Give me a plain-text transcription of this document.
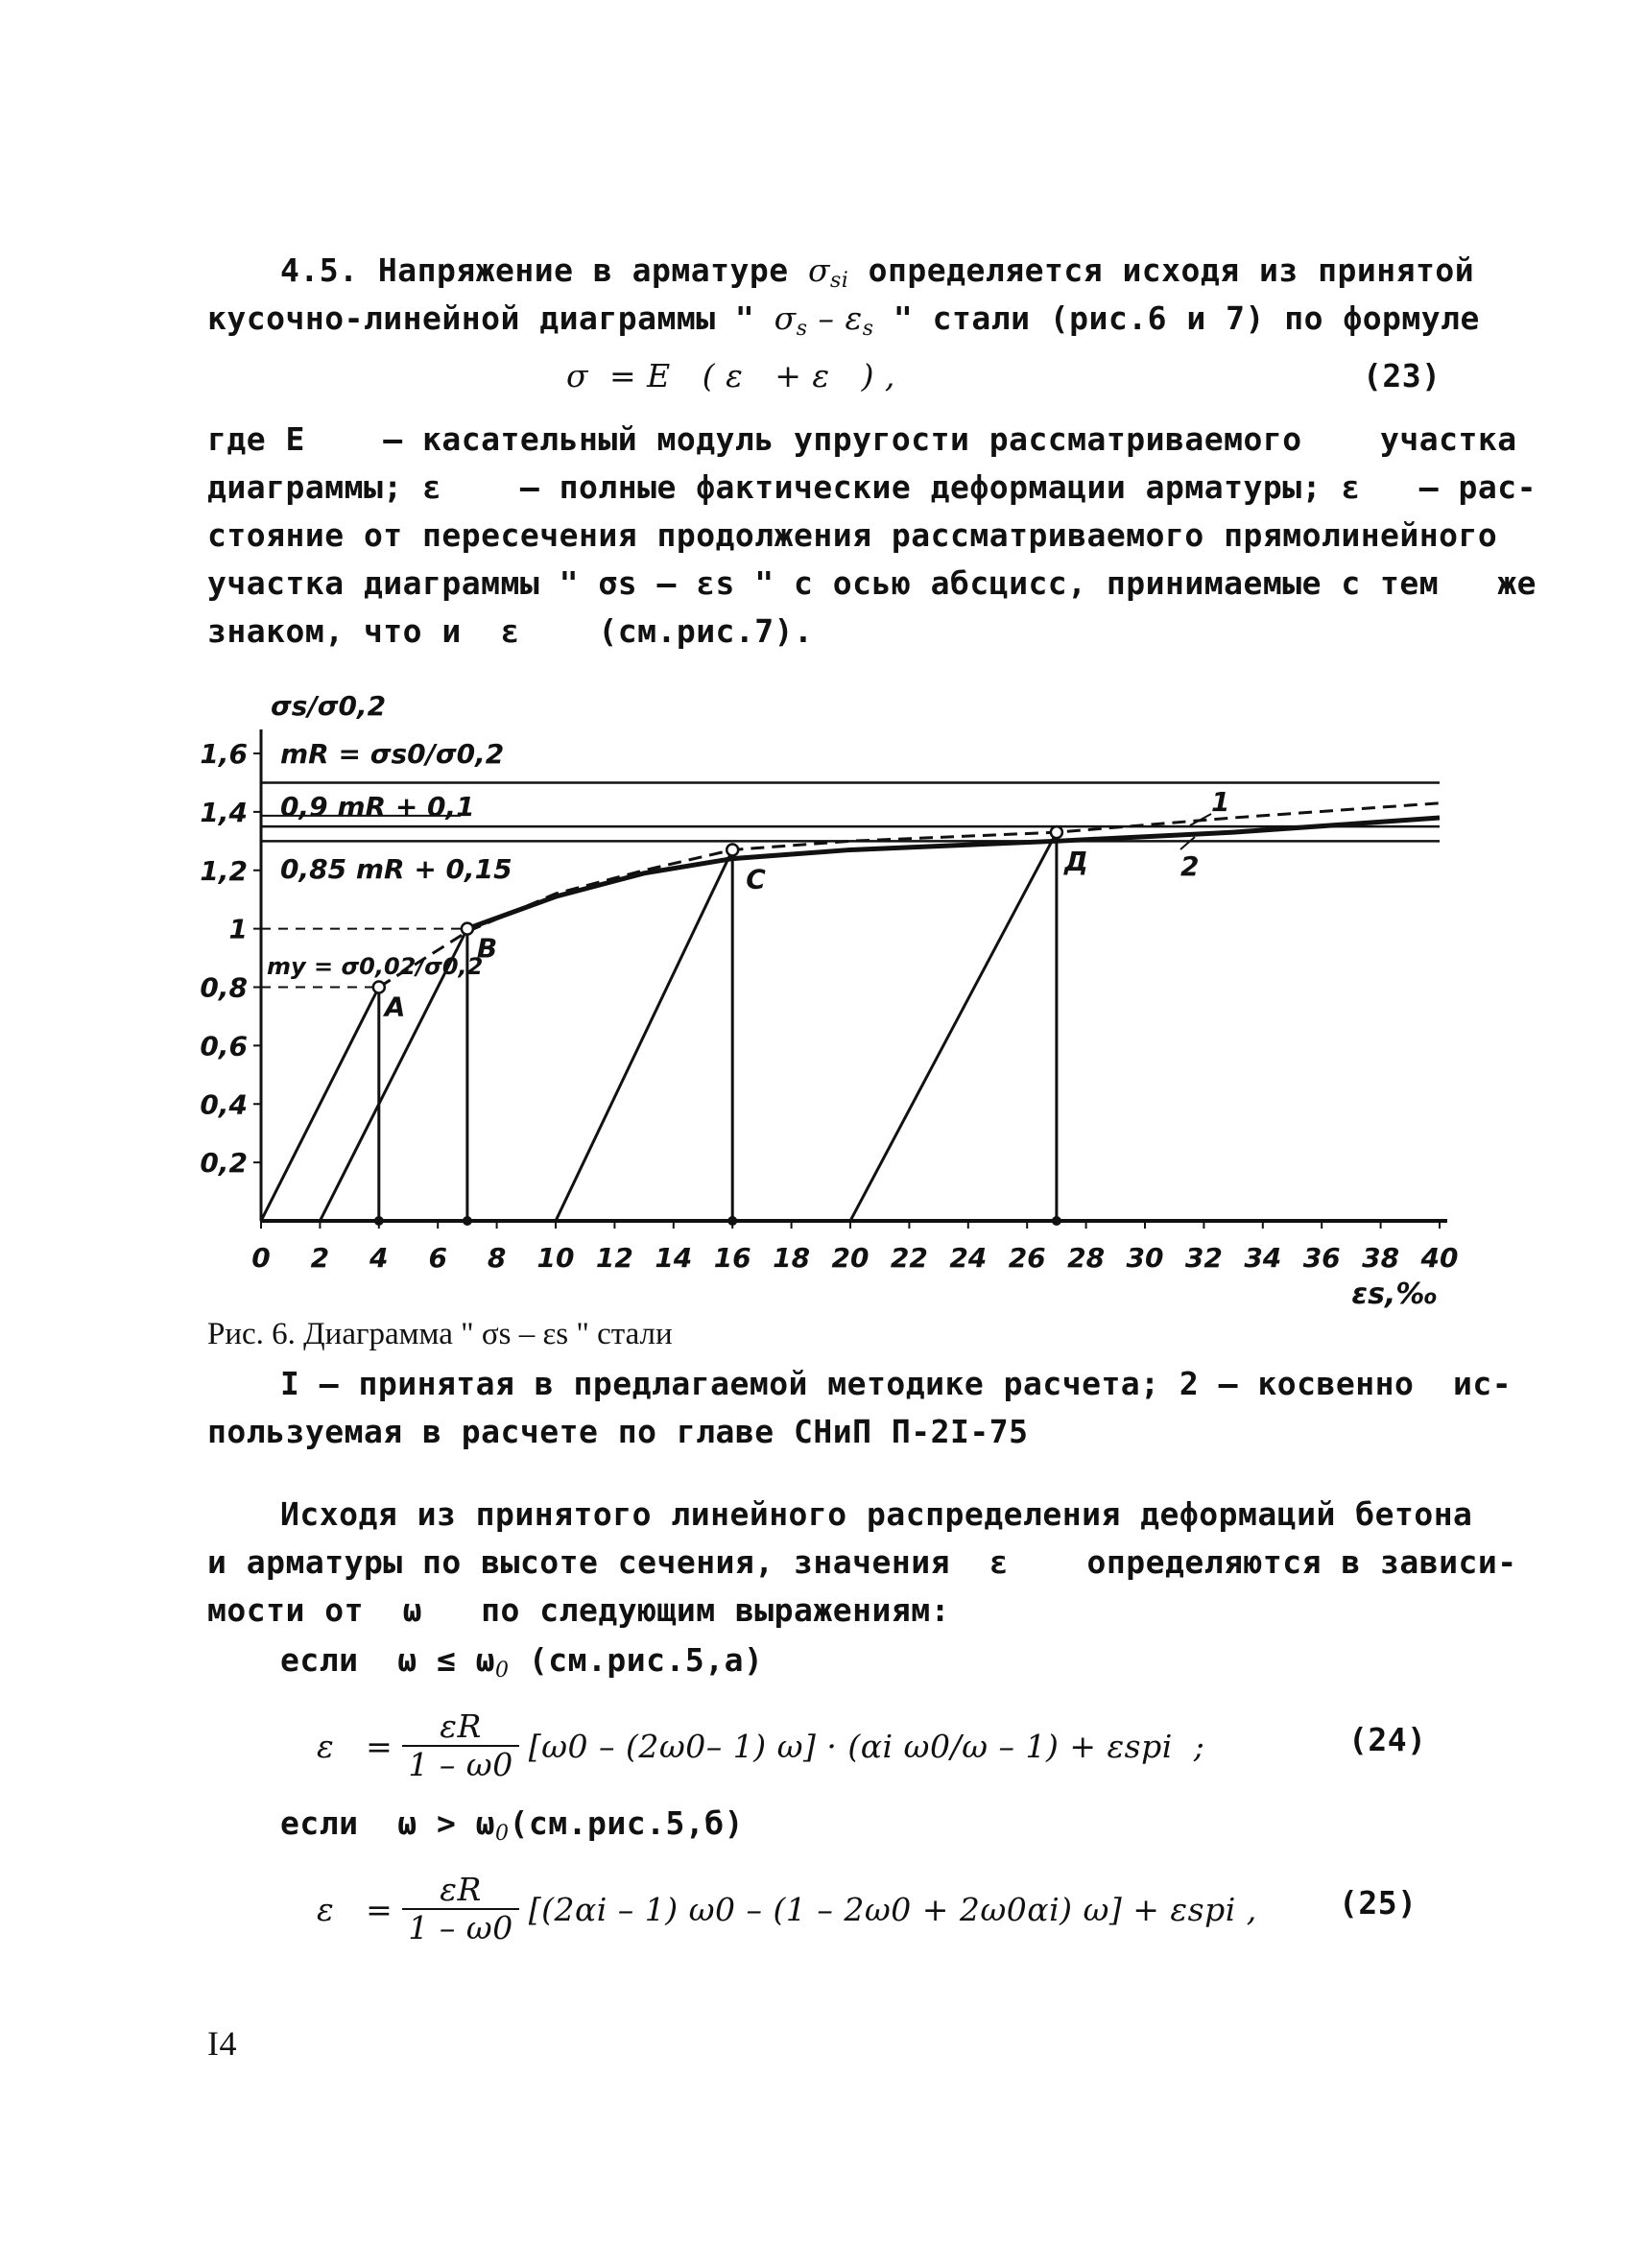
4.5. Напряжение в арматуре $\sigma_{si}$ определяется исходя из принятой
кусочно-линейной диаграммы " $\sigma_s - \varepsilon_s$ " стали (рис.6 и 7) по формуле
σ  = E   ( ε   + ε   ) ,	(23)
где E    – касательный модуль упругости рассматриваемого    участка
диаграммы; ε    – полные фактические деформации арматуры; ε   – рас-
стояние от пересечения продолжения рассматриваемого прямолинейного
участка диаграммы " σs – εs " с осью абсцисс, принимаемые с тем   же
знаком, что и  ε    (см.рис.7).
0 2 4 6 8 10 12 14 16 18 20 22 24 26 28 30 32 34 36 38 40
0,2
0,4
0,6
0,8
1
1,2
1,4
1,6
σs/σ0,2
εs,‰
mR = σs0/σ0,2
0,9 mR + 0,1
0,85 mR + 0,15
my = σ0,02/σ0,2
A
B
C
Д
1
2
Рис. 6. Диаграмма " σs – εs " стали
I – принятая в предлагаемой методике расчета; 2 – косвенно  ис-
пользуемая в расчете по главе СНиП П-2I-75
Исходя из принятого линейного распределения деформаций бетона
и арматуры по высоте сечения, значения  ε    определяются в зависи-
мости от  ω   по следующим выражениям:
если  $\omega \le \omega_0$ (см.рис.5,а)
$\varepsilon = \frac{\varepsilon R}{1 - \omega 0} [\omega 0 - (2\omega 0-$ 1) ω] · (αi ω0/ω – 1) + εspi  ;	(24)
если  $\omega > \omega_0(см.рис.5,б)$
$\varepsilon = \frac{\varepsilon R}{1 - \omega 0} [(2\alpha i - 1)$ ω0 – (1 – 2ω0 + 2ω0αi) ω] + εspi ,	(25)
I4
